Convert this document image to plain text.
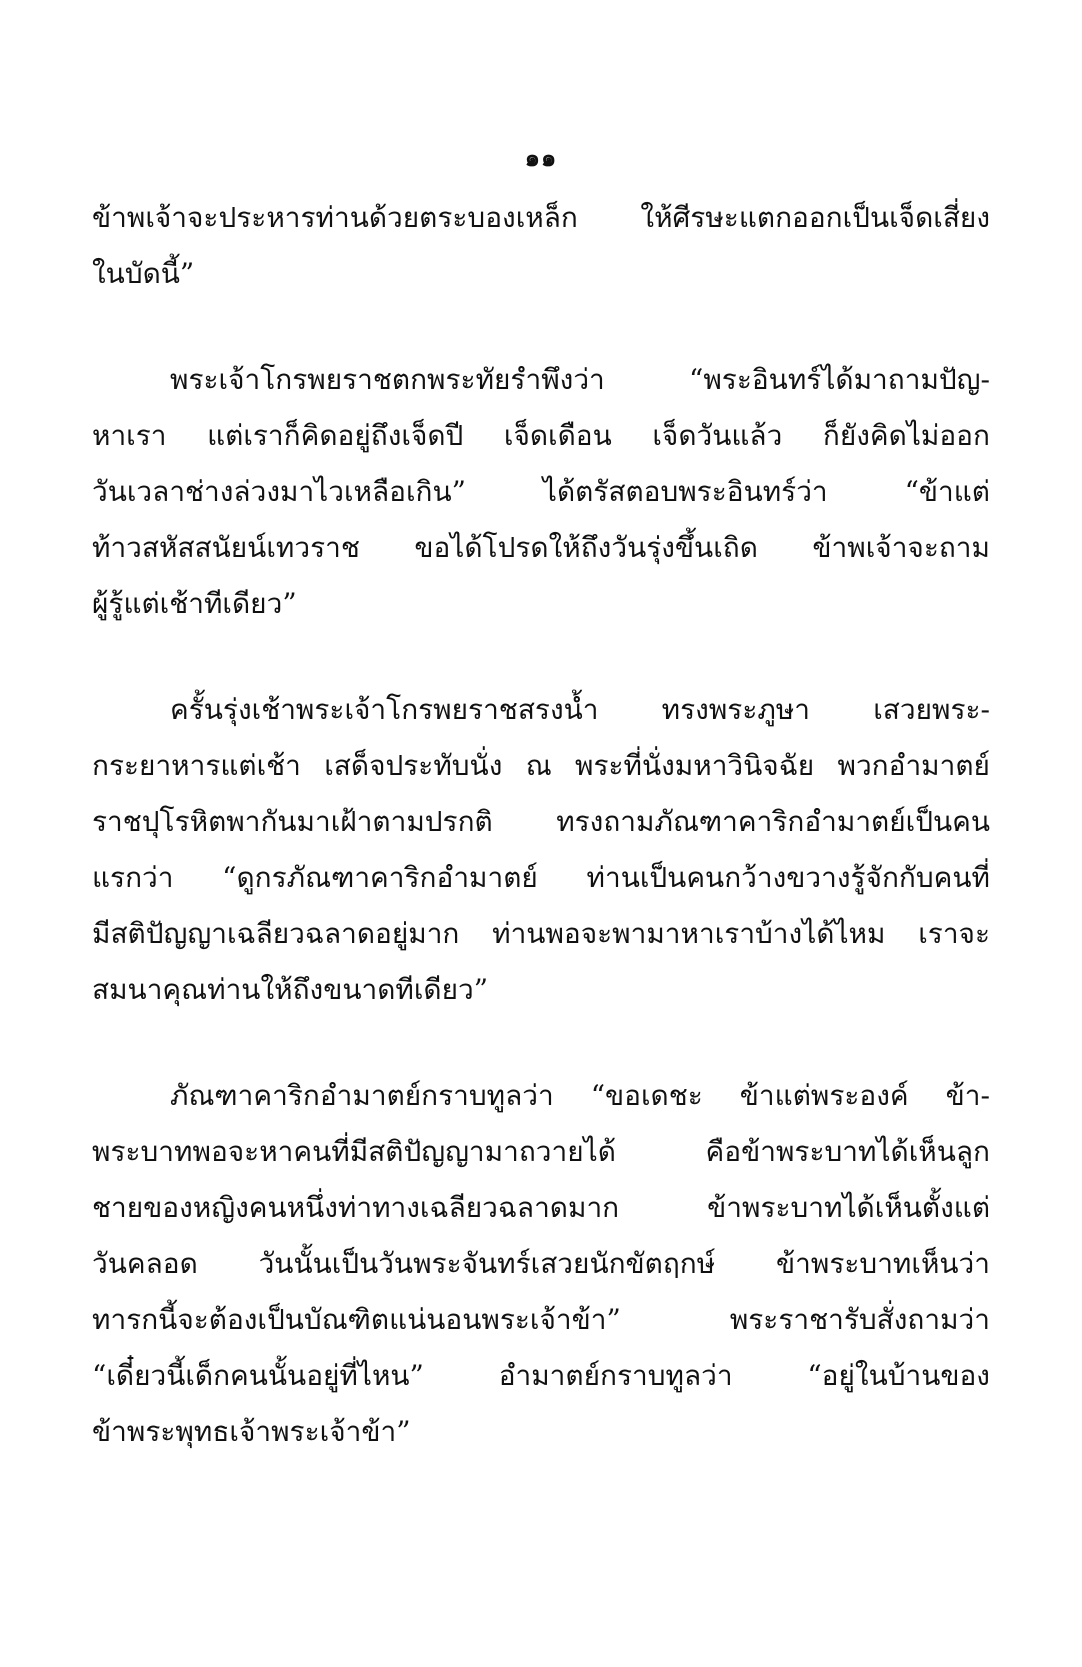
๑๑
ข้าพเจ้าจะประหารท่านด้วยตระบองเหล็ก ให้ศีรษะแตกออกเป็นเจ็ดเสี่ยง
ในบัดนี้”
พระเจ้าโกรพยราชตกพระทัยรำพึงว่า	“พระอินทร์ได้มาถามปัญ-
หาเรา แต่เราก็คิดอยู่ถึงเจ็ดปี เจ็ดเดือน เจ็ดวันแล้ว ก็ยังคิดไม่ออก
วันเวลาช่างล่วงมาไวเหลือเกิน”	ได้ตรัสตอบพระอินทร์ว่า	“ข้าแต่
ท้าวสหัสสนัยน์เทวราช ขอได้โปรดให้ถึงวันรุ่งขึ้นเถิด ข้าพเจ้าจะถาม
ผู้รู้แต่เช้าทีเดียว”
ครั้นรุ่งเช้าพระเจ้าโกรพยราชสรงน้ำ ทรงพระภูษา เสวยพระ-
กระยาหารแต่เช้า เสด็จประทับนั่ง ณ พระที่นั่งมหาวินิจฉัย พวกอำมาตย์
ราชปุโรหิตพากันมาเฝ้าตามปรกติ ทรงถามภัณฑาคาริกอำมาตย์เป็นคน
แรกว่า “ดูกรภัณฑาคาริกอำมาตย์ ท่านเป็นคนกว้างขวางรู้จักกับคนที่
มีสติปัญญาเฉลียวฉลาดอยู่มาก ท่านพอจะพามาหาเราบ้างได้ไหม เราจะ
สมนาคุณท่านให้ถึงขนาดทีเดียว”
ภัณฑาคาริกอำมาตย์กราบทูลว่า “ขอเดชะ ข้าแต่พระองค์ ข้า-
พระบาทพอจะหาคนที่มีสติปัญญามาถวายได้	คือข้าพระบาทได้เห็นลูก
ชายของหญิงคนหนึ่งท่าทางเฉลียวฉลาดมาก	ข้าพระบาทได้เห็นตั้งแต่
วันคลอด วันนั้นเป็นวันพระจันทร์เสวยนักขัตฤกษ์ ข้าพระบาทเห็นว่า
ทารกนี้จะต้องเป็นบัณฑิตแน่นอนพระเจ้าข้า”	พระราชารับสั่งถามว่า
“เดี๋ยวนี้เด็กคนนั้นอยู่ที่ไหน”	อำมาตย์กราบทูลว่า	“อยู่ในบ้านของ
ข้าพระพุทธเจ้าพระเจ้าข้า”
